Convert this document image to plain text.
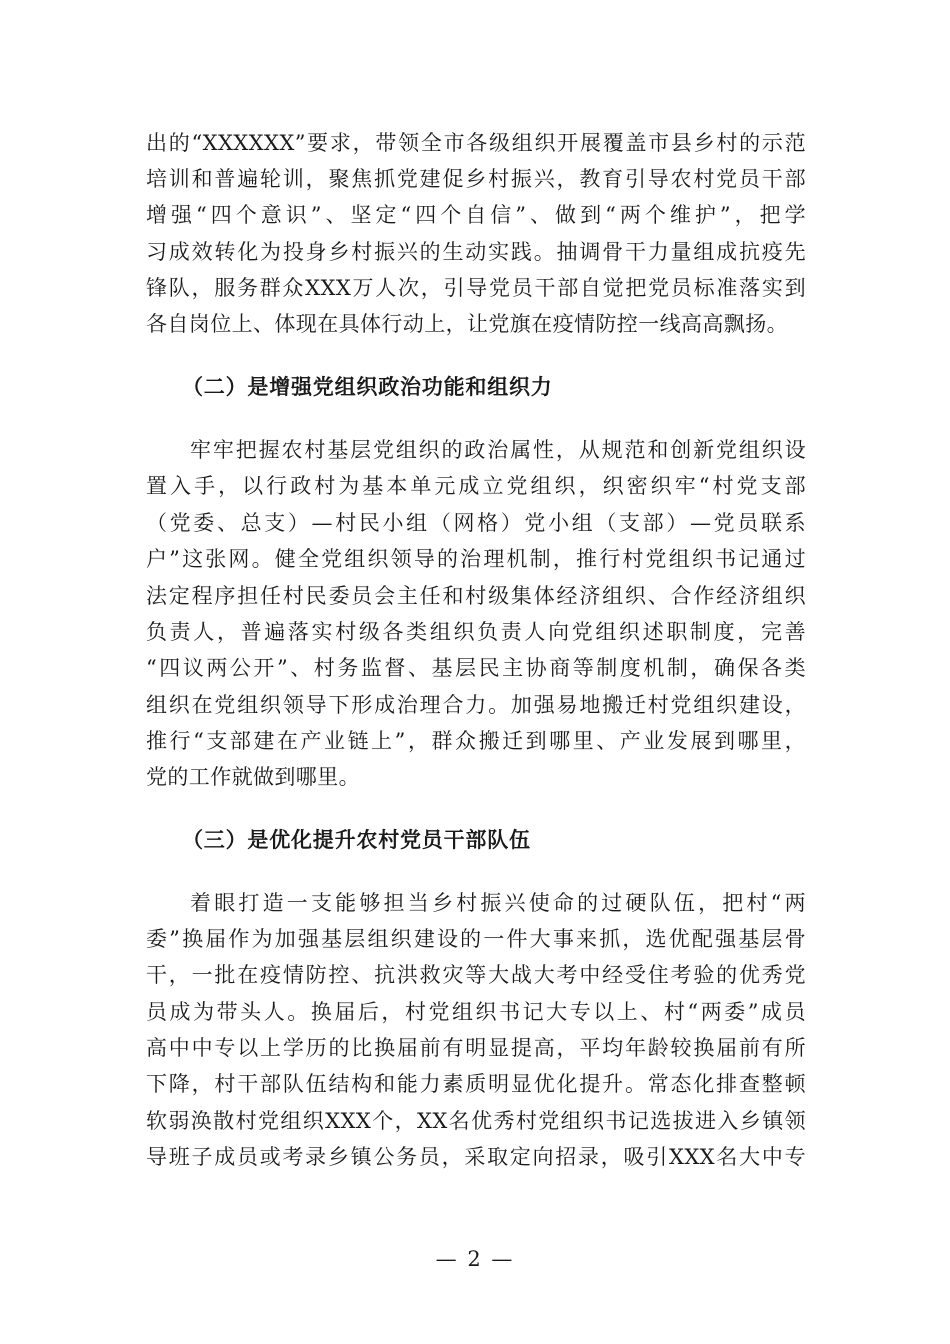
出的“XXXXXX”要求，带领全市各级组织开展覆盖市县乡村的示范
培训和普遍轮训，聚焦抓党建促乡村振兴，教育引导农村党员干部
增强“四个意识”、坚定“四个自信”、做到“两个维护”，把学
习成效转化为投身乡村振兴的生动实践。抽调骨干力量组成抗疫先
锋队，服务群众XXX万人次，引导党员干部自觉把党员标准落实到
各自岗位上、体现在具体行动上，让党旗在疫情防控一线高高飘扬。
（二）是增强党组织政治功能和组织力
牢牢把握农村基层党组织的政治属性，从规范和创新党组织设
置入手，以行政村为基本单元成立党组织，织密织牢“村党支部
（党委、总支）—村民小组（网格）党小组（支部）—党员联系
户”这张网。健全党组织领导的治理机制，推行村党组织书记通过
法定程序担任村民委员会主任和村级集体经济组织、合作经济组织
负责人，普遍落实村级各类组织负责人向党组织述职制度，完善
“四议两公开”、村务监督、基层民主协商等制度机制，确保各类
组织在党组织领导下形成治理合力。加强易地搬迁村党组织建设，
推行“支部建在产业链上”，群众搬迁到哪里、产业发展到哪里，
党的工作就做到哪里。
（三）是优化提升农村党员干部队伍
着眼打造一支能够担当乡村振兴使命的过硬队伍，把村“两
委”换届作为加强基层组织建设的一件大事来抓，选优配强基层骨
干，一批在疫情防控、抗洪救灾等大战大考中经受住考验的优秀党
员成为带头人。换届后，村党组织书记大专以上、村“两委”成员
高中中专以上学历的比换届前有明显提高，平均年龄较换届前有所
下降，村干部队伍结构和能力素质明显优化提升。常态化排查整顿
软弱涣散村党组织XXX个，XX名优秀村党组织书记选拔进入乡镇领
导班子成员或考录乡镇公务员，采取定向招录，吸引XXX名大中专
— 2 —
